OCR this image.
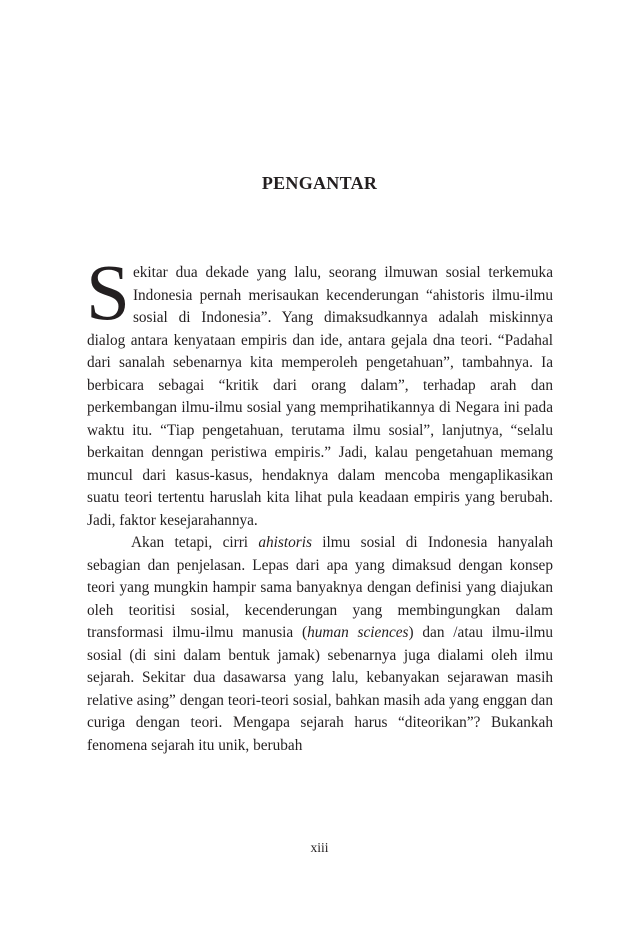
PENGANTAR

Sekitar dua dekade yang lalu, seorang ilmuwan sosial terkemuka Indonesia pernah merisaukan kecenderungan “ahistoris ilmu-ilmu sosial di Indonesia”. Yang dimaksudkannya adalah miskinnya dialog antara kenyataan empiris dan ide, antara gejala dna teori. “Padahal dari sanalah sebenarnya kita memperoleh pengetahuan”, tambahnya. Ia berbicara sebagai “kritik dari orang dalam”, terhadap arah dan perkembangan ilmu-ilmu sosial yang memprihatikannya di Negara ini pada waktu itu. “Tiap pengetahuan, terutama ilmu sosial”, lanjutnya, “selalu berkaitan denngan peristiwa empiris.” Jadi, kalau pengetahuan memang muncul dari kasus-kasus, hendaknya dalam mencoba mengaplikasikan suatu teori tertentu haruslah kita lihat pula keadaan empiris yang berubah. Jadi, faktor kesejarahannya.

Akan tetapi, cirri ahistoris ilmu sosial di Indonesia hanyalah sebagian dan penjelasan. Lepas dari apa yang dimaksud dengan konsep teori yang mungkin hampir sama banyaknya dengan definisi yang diajukan oleh teoritisi sosial, kecenderungan yang membingungkan dalam transformasi ilmu-ilmu manusia (human sciences) dan /atau ilmu-ilmu sosial (di sini dalam bentuk jamak) sebenarnya juga dialami oleh ilmu sejarah. Sekitar dua dasawarsa yang lalu, kebanyakan sejarawan masih relative asing” dengan teori-teori sosial, bahkan masih ada yang enggan dan curiga dengan teori. Mengapa sejarah harus “diteorikan”? Bukankah fenomena sejarah itu unik, berubah

xiii
